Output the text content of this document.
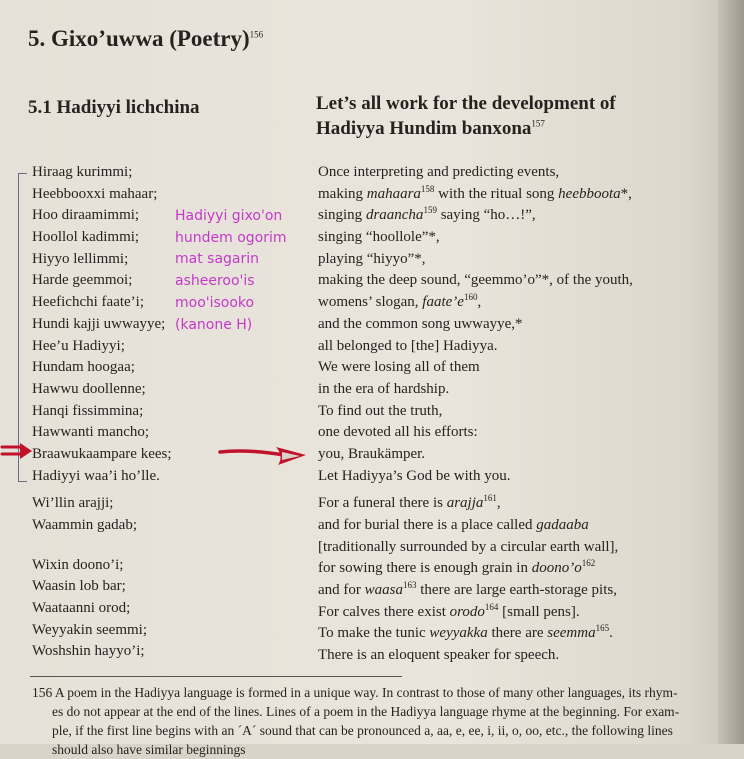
5. Gixo’uwwa (Poetry)$^{156}$
5.1 Hadiyyi lichchina	Let’s all work for the development of
Hadiyya Hundim banxona$^{157}$
Hiraag kurimmi;
Heebbooxxi mahaar;
Hoo diraamimmi;
Hoollol kadimmi;
Hiyyo lellimmi;
Harde geemmoi;
Heefichchi faate’i;
Hundi kajji uwwayye;
Hee’u Hadiyyi;
Hundam hoogaa;
Hawwu doollenne;
Hanqi fissimmina;
Hawwanti mancho;
Braawukaampare kees;
Hadiyyi waa’i ho’lle.
Wi’llin arajji;
Waammin gadab;
Wixin doono’i;
Waasin lob bar;
Waataanni orod;
Weyyakin seemmi;
Woshshin hayyo’i;
Hadiyyi gixo'on
hundem ogorim
mat sagarin
asheeroo'is
moo'isooko
(kanone H)
Once interpreting and predicting events,
making mahaara$^{158}$ with the ritual song heebboota*,
singing draancha$^{159}$ saying “ho…!”,
singing “hoollole”*,
playing “hiyyo”*,
making the deep sound, “geemmo’o”*, of the youth,
womens’ slogan, faate’e$^{160}$,
and the common song uwwayye,*
all belonged to [the] Hadiyya.
We were losing all of them
in the era of hardship.
To find out the truth,
one devoted all his efforts:
you, Braukämper.
Let Hadiyya’s God be with you.
For a funeral there is arajja$^{161}$,
and for burial there is a place called gadaaba
[traditionally surrounded by a circular earth wall],
for sowing there is enough grain in doono’o$^{162}$
and for waasa$^{163}$ there are large earth-storage pits,
For calves there exist orodo$^{164}$ [small pens].
To make the tunic weyyakka there are seemma$^{165}$.
There is an eloquent speaker for speech.
156 A poem in the Hadiyya language is formed in a unique way. In contrast to those of many other languages, its rhym-
es do not appear at the end of the lines. Lines of a poem in the Hadiyya language rhyme at the beginning. For exam-
ple, if the first line begins with an ´A´ sound that can be pronounced a, aa, e, ee, i, ii, o, oo, etc., the following lines
should also have similar beginnings
